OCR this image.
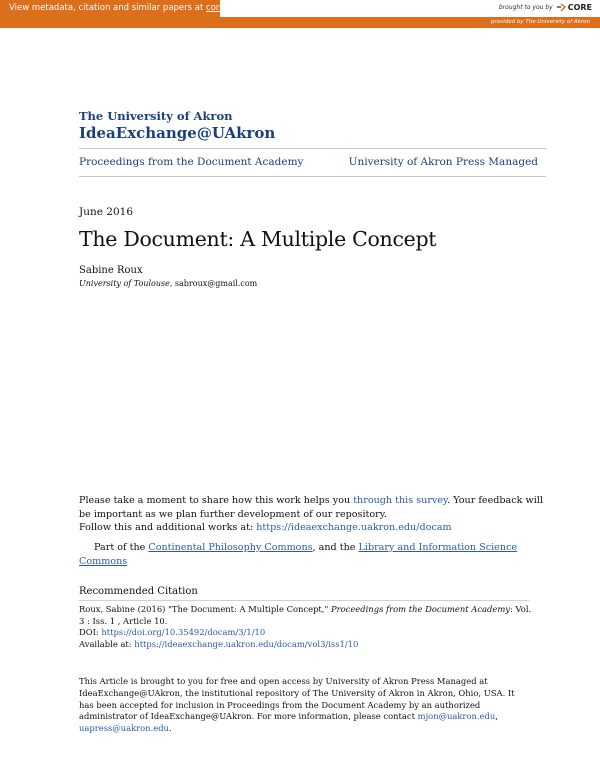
View metadata, citation and similar papers at core.ac.uk	brought to you by CORE
provided by The University of Akron
The University of Akron
IdeaExchange@UAkron
Proceedings from the Document Academy	University of Akron Press Managed
June 2016
The Document: A Multiple Concept
Sabine Roux
University of Toulouse, sabroux@gmail.com
Please take a moment to share how this work helps you through this survey. Your feedback will be important as we plan further development of our repository.
Follow this and additional works at: https://ideaexchange.uakron.edu/docam
Part of the Continental Philosophy Commons, and the Library and Information Science Commons
Recommended Citation
Roux, Sabine (2016) "The Document: A Multiple Concept," Proceedings from the Document Academy: Vol. 3 : Iss. 1 , Article 10.
DOI: https://doi.org/10.35492/docam/3/1/10
Available at: https://ideaexchange.uakron.edu/docam/vol3/iss1/10
This Article is brought to you for free and open access by University of Akron Press Managed at IdeaExchange@UAkron, the institutional repository of The University of Akron in Akron, Ohio, USA. It has been accepted for inclusion in Proceedings from the Document Academy by an authorized administrator of IdeaExchange@UAkron. For more information, please contact mjon@uakron.edu, uapress@uakron.edu.
